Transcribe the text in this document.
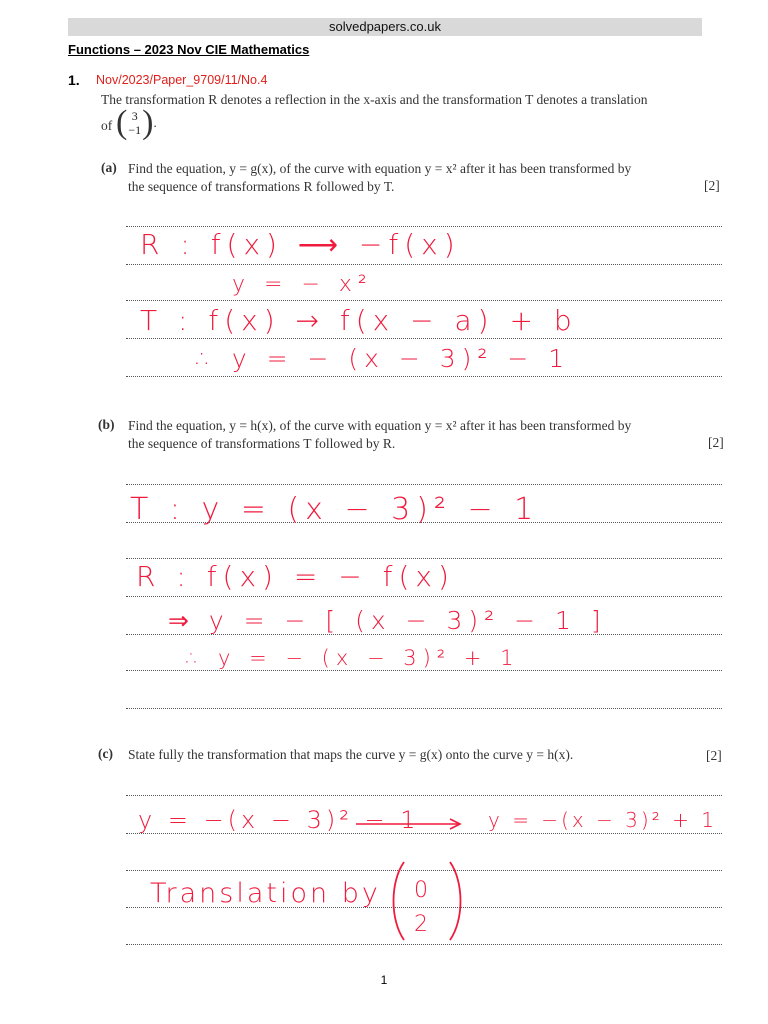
solvedpapers.co.uk
Functions – 2023 Nov CIE Mathematics
1. Nov/2023/Paper_9709/11/No.4
The transformation R denotes a reflection in the x-axis and the transformation T denotes a translation
of ( 3
−1 ) .
(a) Find the equation, y = g(x), of the curve with equation y = x² after it has been transformed by
the sequence of transformations R followed by T.	[2]
R : f(x) ⟶ −f(x)
y = − x²
T : f(x) → f(x − a) + b
∴ y = − (x − 3)² − 1
(b) Find the equation, y = h(x), of the curve with equation y = x² after it has been transformed by
the sequence of transformations T followed by R.	[2]
T : y = (x − 3)² − 1
R : f(x) = − f(x)
⇒ y = − [ (x − 3)² − 1 ]
∴ y = − (x − 3)² + 1
(c) State fully the transformation that maps the curve y = g(x) onto the curve y = h(x).	[2]
y = −(x − 3)² − 1	y = −(x − 3)² + 1
Translation by 0
2
1
